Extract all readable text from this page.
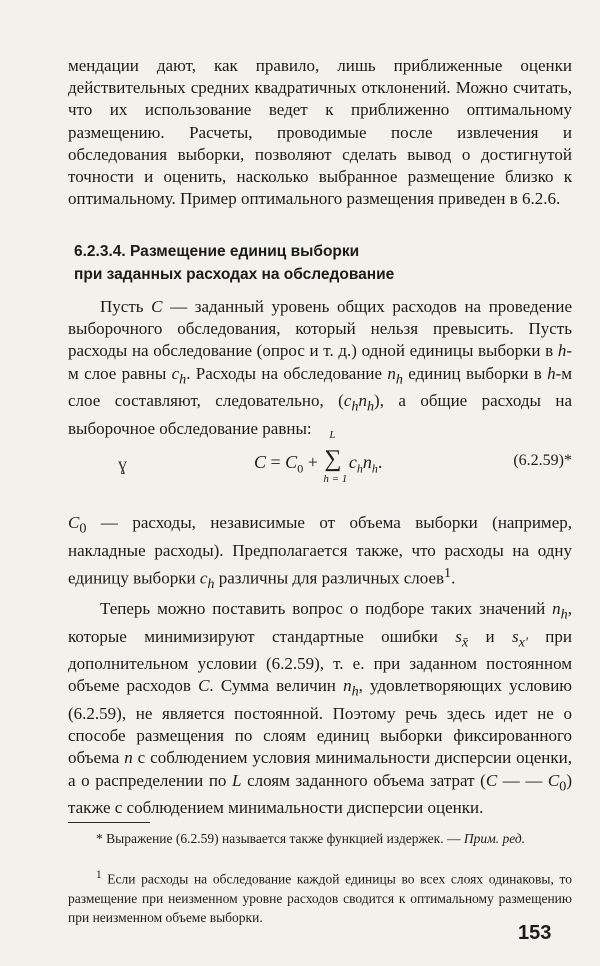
мендации дают, как правило, лишь приближенные оценки действительных средних квадратичных отклонений. Можно считать, что их использование ведет к приближенно оптимальному размещению. Расчеты, проводимые после извлечения и обследования выборки, позволяют сделать вывод о достигнутой точности и оценить, насколько выбранное размещение близко к оптимальному. Пример оптимального размещения приведен в 6.2.6.

6.2.3.4. Размещение единиц выборки
при заданных расходах на обследование

Пусть C — заданный уровень общих расходов на проведение выборочного обследования, который нельзя превысить. Пусть расходы на обследование (опрос и т. д.) одной единицы выборки в h-м слое равны $c_h$. Расходы на обследование $n_h$ единиц выборки в h-м слое составляют, следовательно, $(c_hn_h)$, а общие расходы на выборочное обследование равны:

ɣ	$C = C_0$ +
L
∑
h = 1
$c_hn_h$.	(6.2.59)*

$C_0$ — расходы, независимые от объема выборки (например, накладные расходы). Предполагается также, что расходы на одну единицу выборки $c_h$ различны для различных слоев$^1$.

Теперь можно поставить вопрос о подборе таких значений $n_h$, которые минимизируют стандартные ошибки $s_{x̄}$ и $s_{x'}$ при дополнительном условии (6.2.59), т. е. при заданном постоянном объеме расходов C. Сумма величин $n_h$, удовлетворяющих условию (6.2.59), не является постоянной. Поэтому речь здесь идет не о способе размещения по слоям единиц выборки фиксированного объема n с соблюдением условия минимальности дисперсии оценки, а о распределении по L слоям заданного объема затрат (C — — $C_0$) также с соблюдением минимальности дисперсии оценки.

* Выражение (6.2.59) называется также функцией издержек. — Прим. ред.

$^1$ Если расходы на обследование каждой единицы во всех слоях одинаковы, то размещение при неизменном уровне расходов сводится к оптимальному размещению при неизменном объеме выборки.

153
